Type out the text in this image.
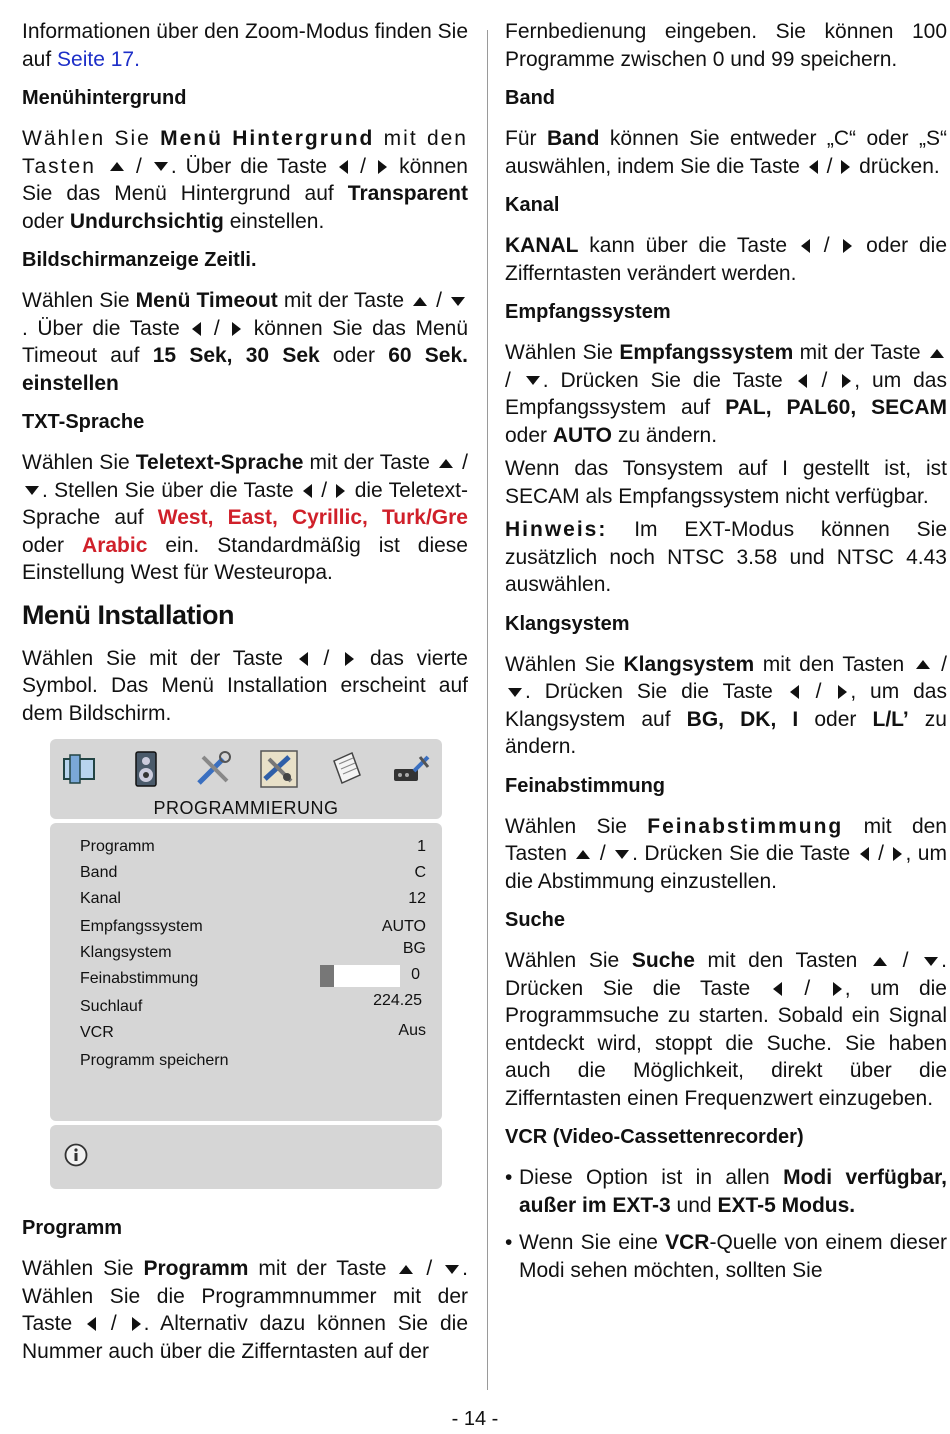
Informationen über den Zoom-Modus finden Sie auf Seite 17.

Menühintergrund

Wählen Sie Menü Hintergrund mit den Tasten  / . Über die Taste  /  können Sie das Menü Hintergrund auf Transparent oder Undurchsichtig einstellen.

Bildschirmanzeige Zeitli.

Wählen Sie Menü Timeout mit der Taste  / . Über die Taste  /  können Sie das Menü Timeout auf 15 Sek, 30 Sek oder 60 Sek. einstellen

TXT-Sprache

Wählen Sie Teletext-Sprache mit der Taste  / . Stellen Sie über die Taste  /  die Teletext-Sprache auf West, East, Cyrillic, Turk/Gre oder Arabic ein. Standardmäßig ist diese Einstellung West für Westeuropa.

Menü Installation

Wählen Sie mit der Taste  /  das vierte Symbol. Das Menü Installation erscheint auf dem Bildschirm.

PROGRAMMIERUNG
Programm	1
Band	C
Kanal	12
Empfangssystem	AUTO
Klangsystem	BG
Feinabstimmung	0
Suchlauf	224.25
VCR	Aus
Programm speichern
Programm

Wählen Sie Programm mit der Taste  / . Wählen Sie die Programmnummer mit der Taste  / . Alternativ dazu können Sie die Nummer auch über die Zifferntasten auf der

Fernbedienung eingeben. Sie können 100 Programme zwischen 0 und 99 speichern.

Band

Für Band können Sie entweder „C“ oder „S“ auswählen, indem Sie die Taste  /  drücken.

Kanal

KANAL kann über die Taste  /  oder die Zifferntasten verändert werden.

Empfangssystem

Wählen Sie Empfangssystem mit der Taste  / . Drücken Sie die Taste  / , um das Empfangssystem auf PAL, PAL60, SECAM oder AUTO zu ändern.

Wenn das Tonsystem auf I gestellt ist, ist SECAM als Empfangssystem nicht verfügbar.

Hinweis: Im EXT-Modus können Sie zusätzlich noch NTSC 3.58 und NTSC 4.43 auswählen.

Klangsystem

Wählen Sie Klangsystem mit den Tasten  / . Drücken Sie die Taste  / , um das Klangsystem auf BG, DK, I oder L/L’ zu ändern.

Feinabstimmung

Wählen Sie Feinabstimmung mit den Tasten  / . Drücken Sie die Taste  / , um die Abstimmung einzustellen.

Suche

Wählen Sie Suche mit den Tasten  / . Drücken Sie die Taste  / , um die Programmsuche zu starten. Sobald ein Signal entdeckt wird, stoppt die Suche. Sie haben auch die Möglichkeit, direkt über die Zifferntasten einen Frequenzwert einzugeben.

VCR (Video-Cassettenrecorder)
• Diese Option ist in allen Modi verfügbar, außer im EXT-3 und EXT-5 Modus.
• Wenn Sie eine VCR-Quelle von einem dieser Modi sehen möchten, sollten Sie
- 14 -
